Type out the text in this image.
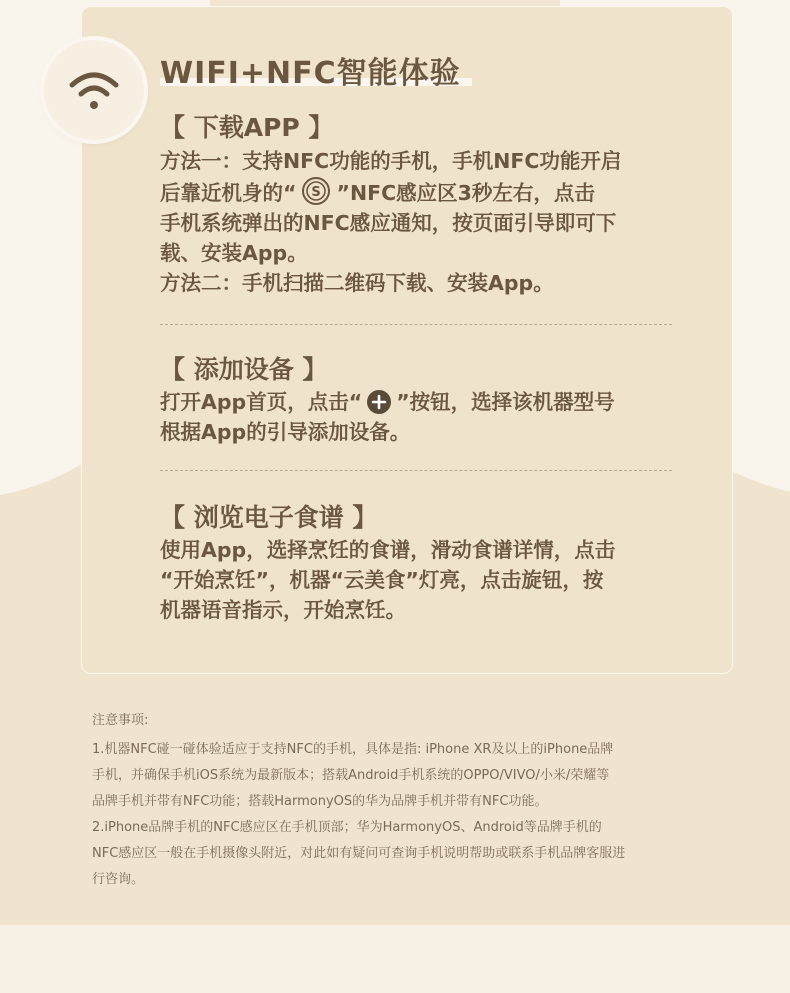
WIFI+NFC智能体验
【 下载APP 】
方法一：支持NFC功能的手机，手机NFC功能开启
后靠近机身的“ S ”NFC感应区3秒左右，点击
手机系统弹出的NFC感应通知，按页面引导即可下
载、安装App。
方法二：手机扫描二维码下载、安装App。
【 添加设备 】
打开App首页，点击“ ”按钮，选择该机器型号
根据App的引导添加设备。
【 浏览电子食谱 】
使用App，选择烹饪的食谱，滑动食谱详情，点击
“开始烹饪”，机器“云美食”灯亮，点击旋钮，按
机器语音指示，开始烹饪。

注意事项:

1.机器NFC碰一碰体验适应于支持NFC的手机，具体是指: iPhone XR及以上的iPhone品牌
手机，并确保手机iOS系统为最新版本；搭载Android手机系统的OPPO/VIVO/小米/荣耀等
品牌手机并带有NFC功能；搭载HarmonyOS的华为品牌手机并带有NFC功能。

2.iPhone品牌手机的NFC感应区在手机顶部；华为HarmonyOS、Android等品牌手机的
NFC感应区一般在手机摄像头附近，对此如有疑问可查询手机说明帮助或联系手机品牌客服进
行咨询。
